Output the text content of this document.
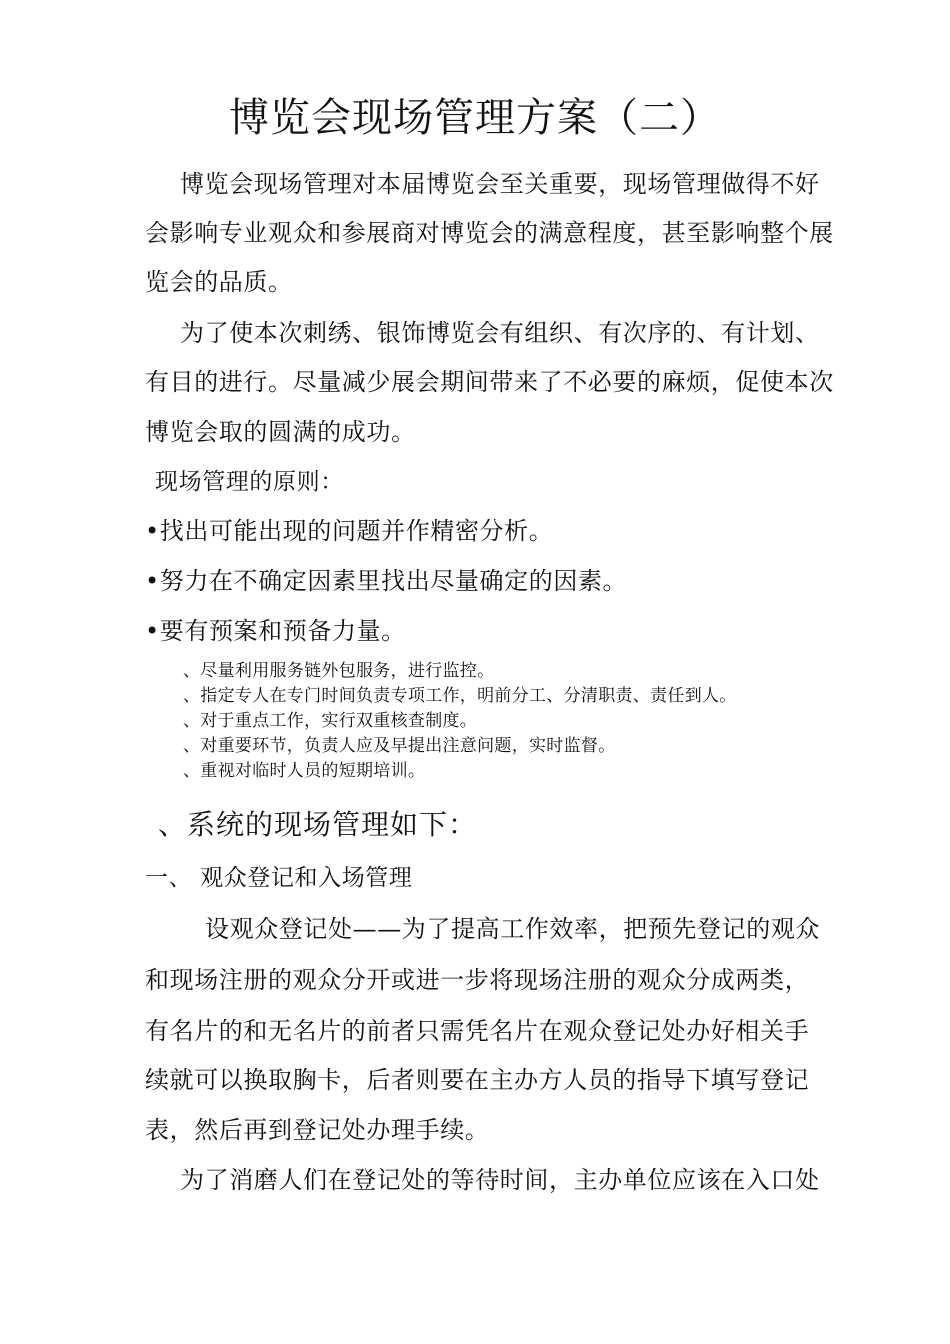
博览会现场管理方案（二）
博览会现场管理对本届博览会至关重要，现场管理做得不好
会影响专业观众和参展商对博览会的满意程度，甚至影响整个展
览会的品质。
为了使本次刺绣、银饰博览会有组织、有次序的、有计划、
有目的进行。尽量减少展会期间带来了不必要的麻烦，促使本次
博览会取的圆满的成功。
现场管理的原则：
•找出可能出现的问题并作精密分析。
•努力在不确定因素里找出尽量确定的因素。
•要有预案和预备力量。
、尽量利用服务链外包服务，进行监控。
、指定专人在专门时间负责专项工作，明前分工、分清职责、责任到人。
、对于重点工作，实行双重核查制度。
、对重要环节，负责人应及早提出注意问题，实时监督。
、重视对临时人员的短期培训。
、系统的现场管理如下：
一、 观众登记和入场管理
设观众登记处——为了提高工作效率，把预先登记的观众
和现场注册的观众分开或进一步将现场注册的观众分成两类，
有名片的和无名片的前者只需凭名片在观众登记处办好相关手
续就可以换取胸卡，后者则要在主办方人员的指导下填写登记
表，然后再到登记处办理手续。
为了消磨人们在登记处的等待时间，主办单位应该在入口处
